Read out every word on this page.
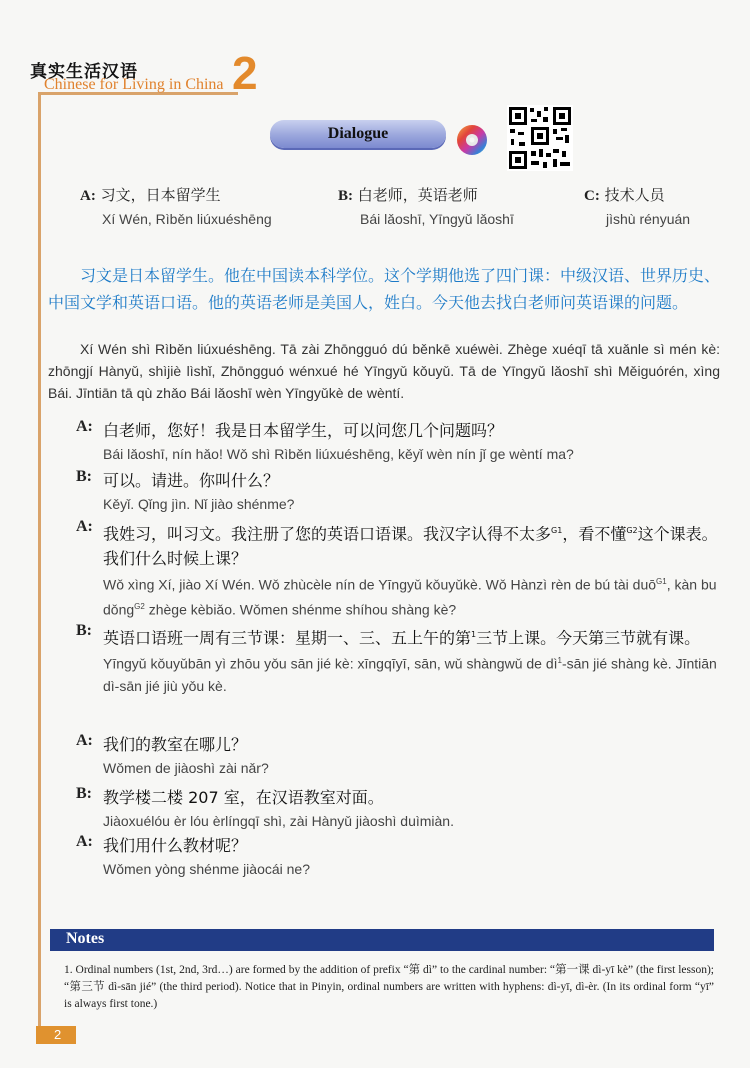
真实生活汉语
Chinese for Living in China 2
Dialogue
A: 习文，日本留学生
Xí Wén, Rìběn liúxuéshēng
B: 白老师，英语老师
Bái lǎoshī, Yīngyǔ lǎoshī
C: 技术人员
jìshù rényuán
习文是日本留学生。他在中国读本科学位。这个学期他选了四门课：中级汉语、世界历史、中国文学和英语口语。他的英语老师是美国人，姓白。今天他去找白老师问英语课的问题。
Xí Wén shì Rìběn liúxuéshēng. Tā zài Zhōngguó dú běnkē xuéwèi. Zhège xuéqī tā xuǎnle sì mén kè: zhōngjí Hànyǔ, shìjiè lìshǐ, Zhōngguó wénxué hé Yīngyǔ kǒuyǔ. Tā de Yīngyǔ lǎoshī shì Měiguórén, xìng Bái. Jīntiān tā qù zhǎo Bái lǎoshī wèn Yīngyǔkè de wèntí.
A: 白老师，您好！我是日本留学生，可以问您几个问题吗？
Bái lǎoshī, nín hǎo! Wǒ shì Rìběn liúxuéshēng, kěyǐ wèn nín jǐ ge wèntí ma?
B: 可以。请进。你叫什么？
Kěyǐ. Qǐng jìn. Nǐ jiào shénme?
A: 我姓习，叫习文。我注册了您的英语口语课。我汉字认得不太多$^{G1}$，看不懂$^{G2}$这个课表。我们什么时候上课？
Wǒ xìng Xí, jiào Xí Wén. Wǒ zhùcèle nín de Yīngyǔ kǒuyǔkè. Wǒ Hànzì rèn de bú tài duō$^{G1}$, kàn bu dǒng$^{G2}$ zhège kèbiǎo. Wǒmen shénme shíhou shàng kè?
B: 英语口语班一周有三节课：星期一、三、五上午的第$^1$三节上课。今天第三节就有课。
Yīngyǔ kǒuyǔbān yì zhōu yǒu sān jié kè: xīngqīyī, sān, wǔ shàngwǔ de $dì^1$-sān jié shàng kè. Jīntiān dì-sān jié jiù yǒu kè.
A: 我们的教室在哪儿？
Wǒmen de jiàoshì zài nǎr?
B: 教学楼二楼 207 室，在汉语教室对面。
Jiàoxuélóu èr lóu èrlíngqī shì, zài Hànyǔ jiàoshì duìmiàn.
A: 我们用什么教材呢？
Wǒmen yòng shénme jiàocái ne?
Notes
1. Ordinal numbers (1st, 2nd, 3rd…) are formed by the addition of prefix “第 dì” to the cardinal number: “第一课 dì-yī kè” (the first lesson); “第三节 dì-sān jié” (the third period). Notice that in Pinyin, ordinal numbers are written with hyphens: dì-yī, dì-èr. (In its ordinal form “yī” is always first tone.)
2
